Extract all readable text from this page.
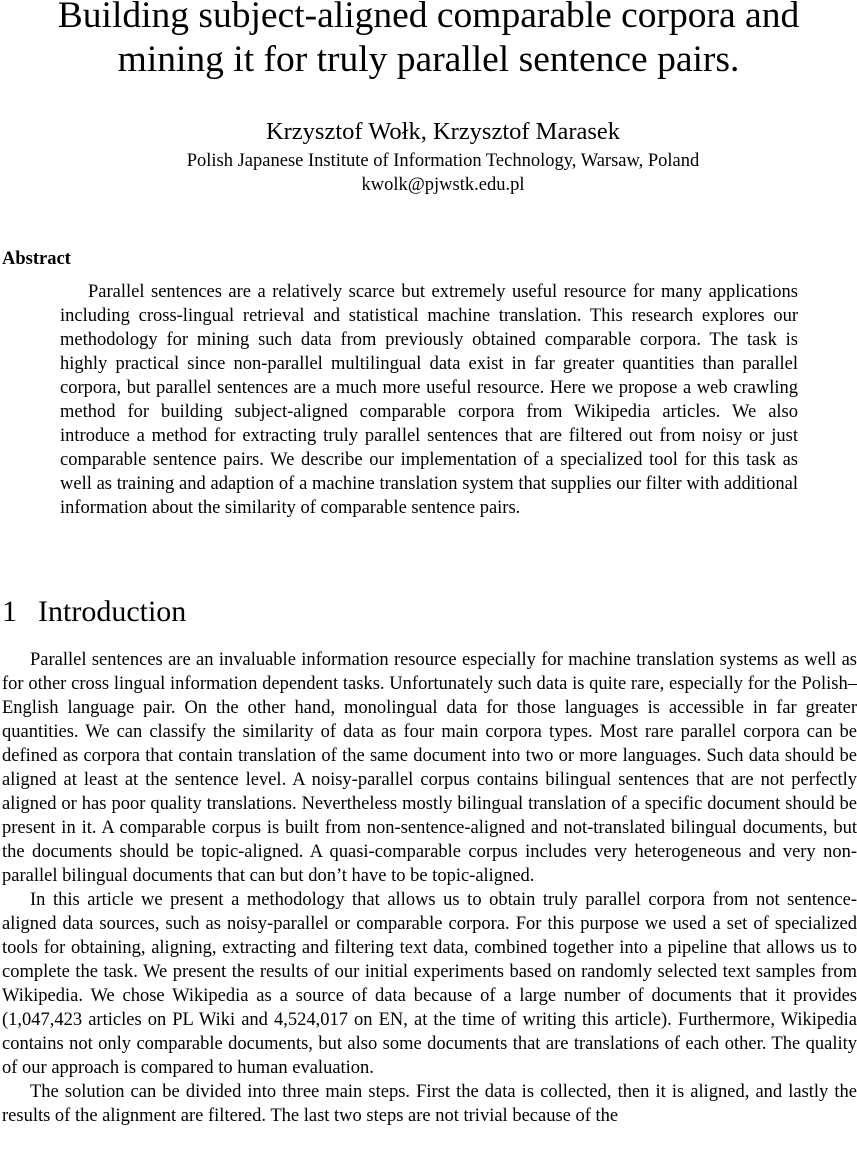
Building subject-aligned comparable corpora and mining it for truly parallel sentence pairs.
Krzysztof Wołk, Krzysztof Marasek
Polish Japanese Institute of Information Technology, Warsaw, Poland
kwolk@pjwstk.edu.pl
Abstract

Parallel sentences are a relatively scarce but extremely useful resource for many applications including cross-lingual retrieval and statistical machine translation. This research explores our methodology for mining such data from previously obtained comparable corpora. The task is highly practical since non-parallel multilingual data exist in far greater quantities than parallel corpora, but parallel sentences are a much more useful resource. Here we propose a web crawling method for building subject-aligned comparable corpora from Wikipedia articles. We also introduce a method for extracting truly parallel sentences that are filtered out from noisy or just comparable sentence pairs. We describe our implementation of a specialized tool for this task as well as training and adaption of a machine translation system that supplies our filter with additional information about the similarity of comparable sentence pairs.

1 Introduction

Parallel sentences are an invaluable information resource especially for machine translation systems as well as for other cross lingual information dependent tasks. Unfortunately such data is quite rare, especially for the Polish–English language pair. On the other hand, monolingual data for those languages is accessible in far greater quantities. We can classify the similarity of data as four main corpora types. Most rare parallel corpora can be defined as corpora that contain translation of the same document into two or more languages. Such data should be aligned at least at the sentence level. A noisy-parallel corpus contains bilingual sentences that are not perfectly aligned or has poor quality translations. Nevertheless mostly bilingual translation of a specific document should be present in it. A comparable corpus is built from non-sentence-aligned and not-translated bilingual documents, but the documents should be topic-aligned. A quasi-comparable corpus includes very heterogeneous and very non-parallel bilingual documents that can but don’t have to be topic-aligned.

In this article we present a methodology that allows us to obtain truly parallel corpora from not sentence-aligned data sources, such as noisy-parallel or comparable corpora. For this purpose we used a set of specialized tools for obtaining, aligning, extracting and filtering text data, combined together into a pipeline that allows us to complete the task. We present the results of our initial experiments based on randomly selected text samples from Wikipedia. We chose Wikipedia as a source of data because of a large number of documents that it provides (1,047,423 articles on PL Wiki and 4,524,017 on EN, at the time of writing this article). Furthermore, Wikipedia contains not only comparable documents, but also some documents that are translations of each other. The quality of our approach is compared to human evaluation.

The solution can be divided into three main steps. First the data is collected, then it is aligned, and lastly the results of the alignment are filtered. The last two steps are not trivial because of the
